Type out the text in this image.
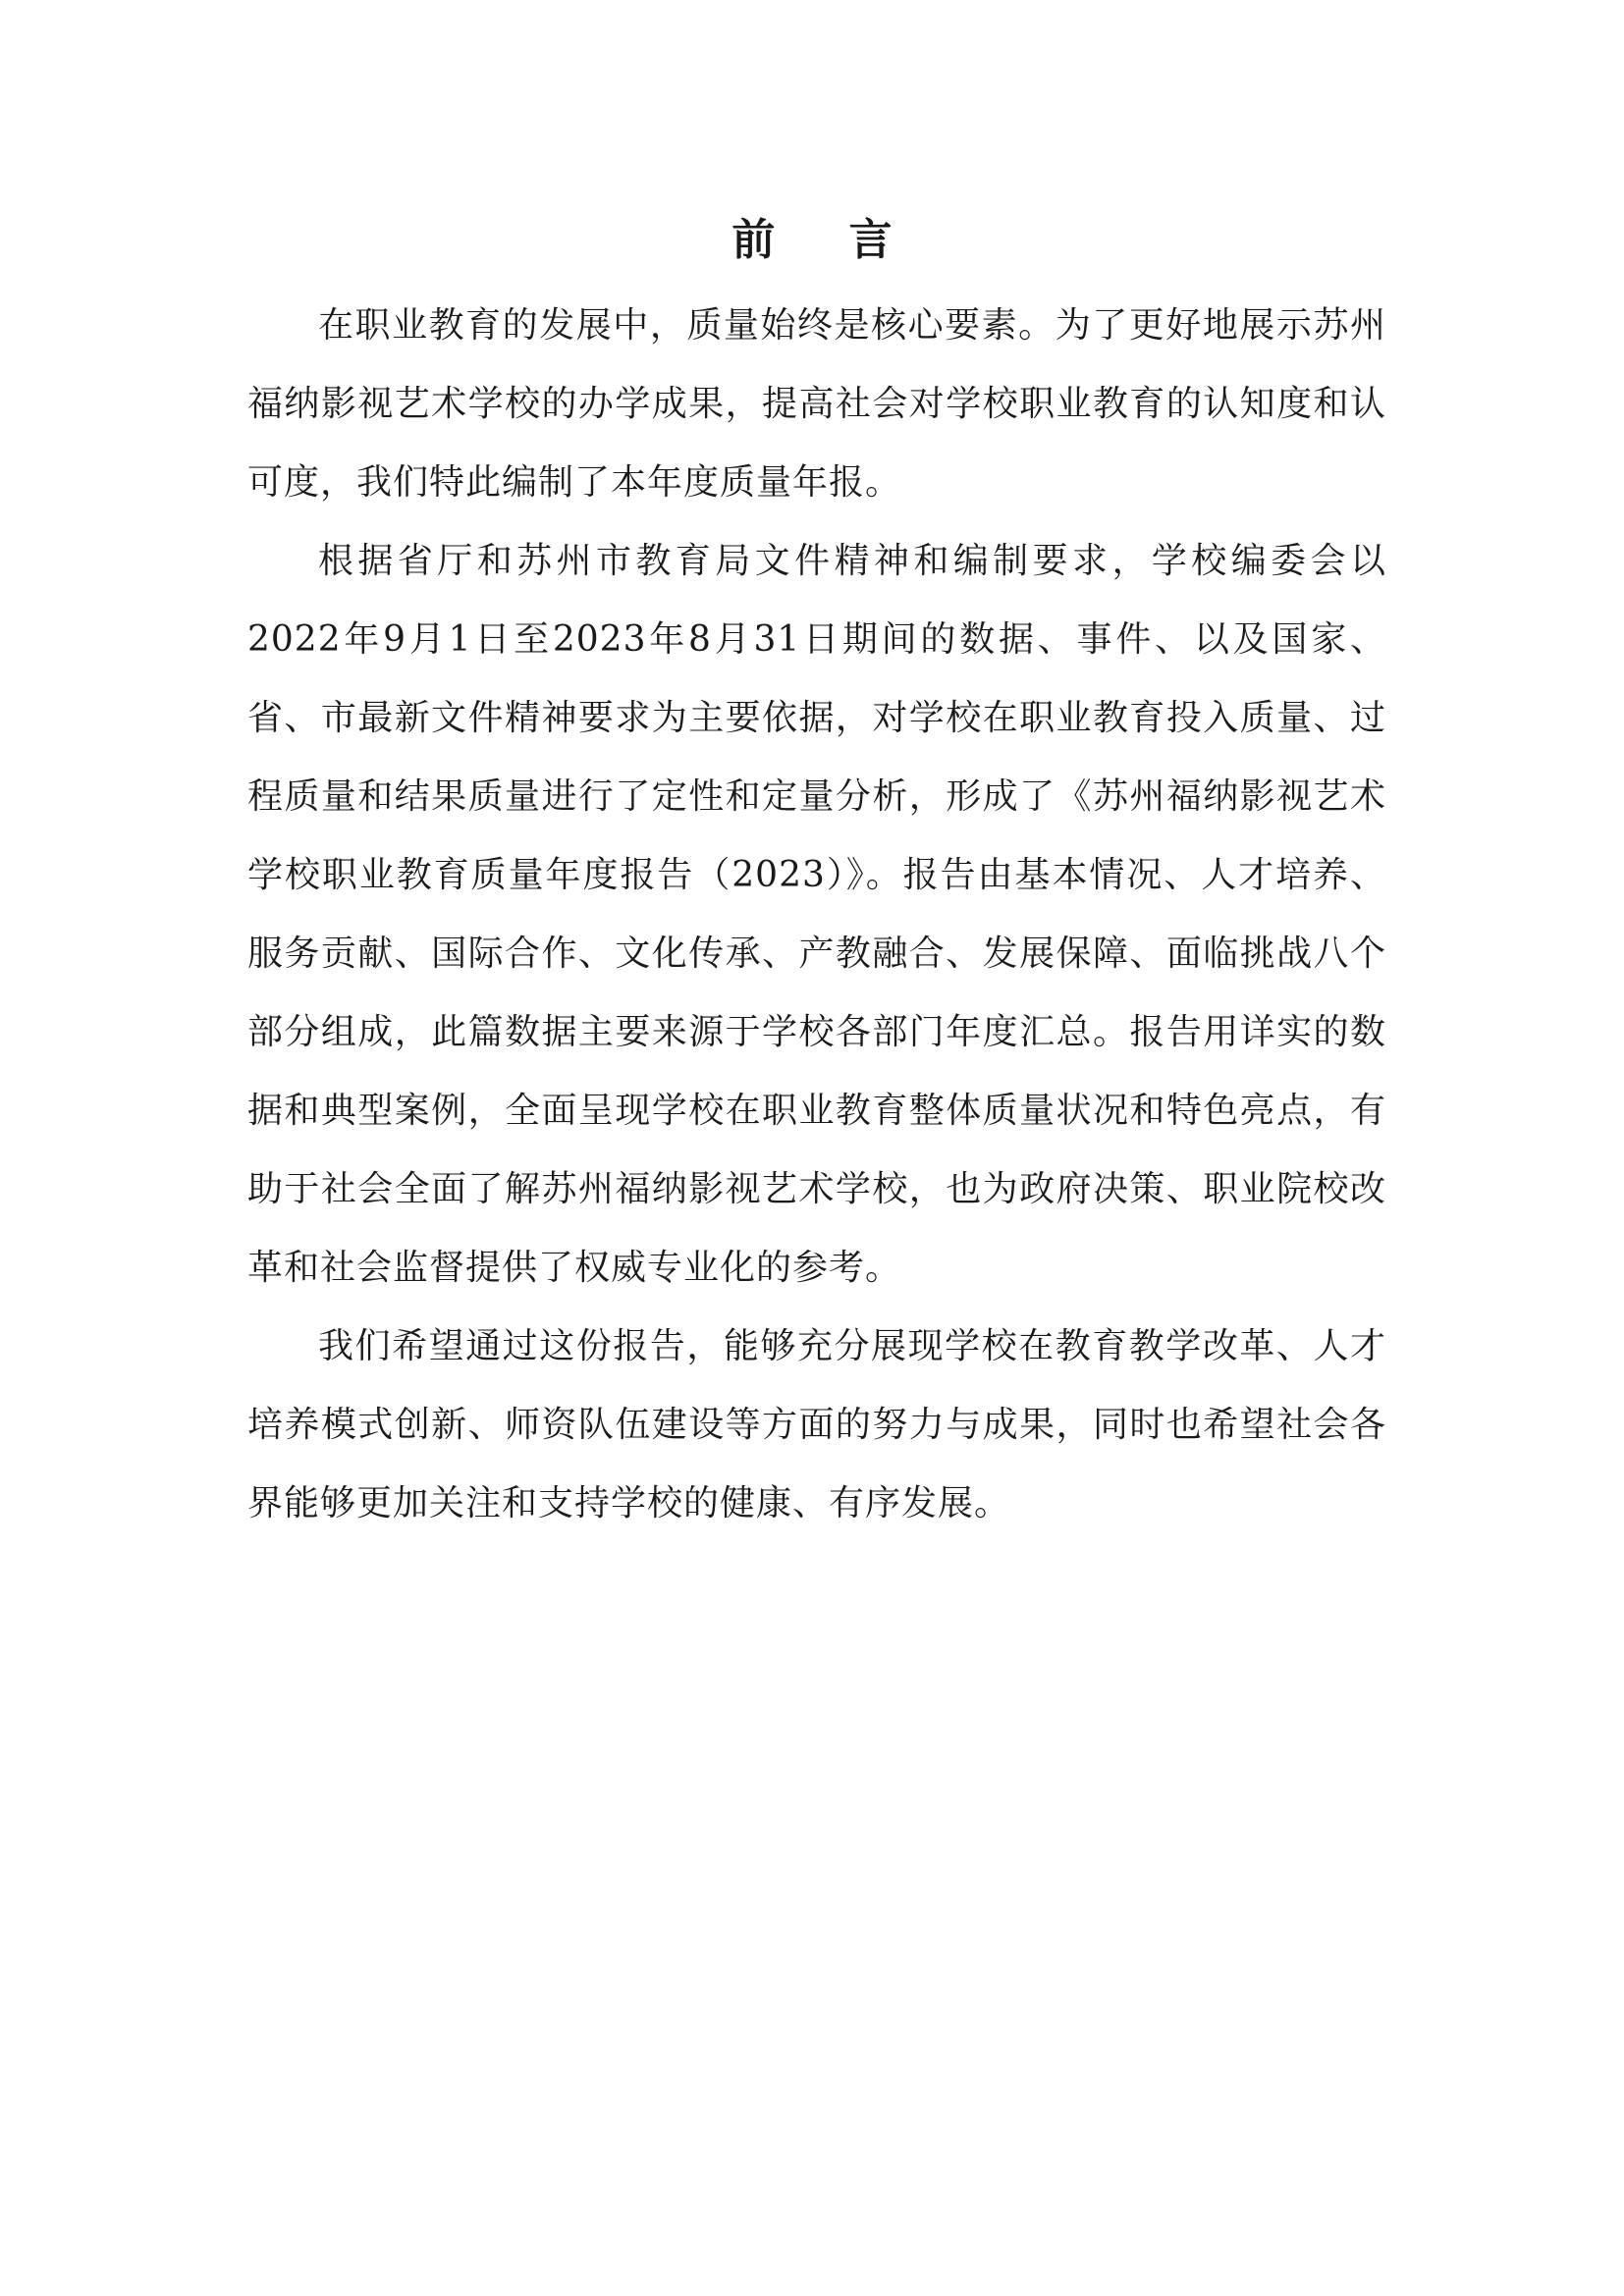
前 言

在职业教育的发展中，质量始终是核心要素。为了更好地展示苏州福纳影视艺术学校的办学成果，提高社会对学校职业教育的认知度和认可度，我们特此编制了本年度质量年报。

根据省厅和苏州市教育局文件精神和编制要求，学校编委会以2022年9月1日至2023年8月31日期间的数据、事件、以及国家、省、市最新文件精神要求为主要依据，对学校在职业教育投入质量、过程质量和结果质量进行了定性和定量分析，形成了《苏州福纳影视艺术学校职业教育质量年度报告（2023）》。报告由基本情况、人才培养、服务贡献、国际合作、文化传承、产教融合、发展保障、面临挑战八个部分组成，此篇数据主要来源于学校各部门年度汇总。报告用详实的数据和典型案例，全面呈现学校在职业教育整体质量状况和特色亮点，有助于社会全面了解苏州福纳影视艺术学校，也为政府决策、职业院校改革和社会监督提供了权威专业化的参考。

我们希望通过这份报告，能够充分展现学校在教育教学改革、人才培养模式创新、师资队伍建设等方面的努力与成果，同时也希望社会各界能够更加关注和支持学校的健康、有序发展。
